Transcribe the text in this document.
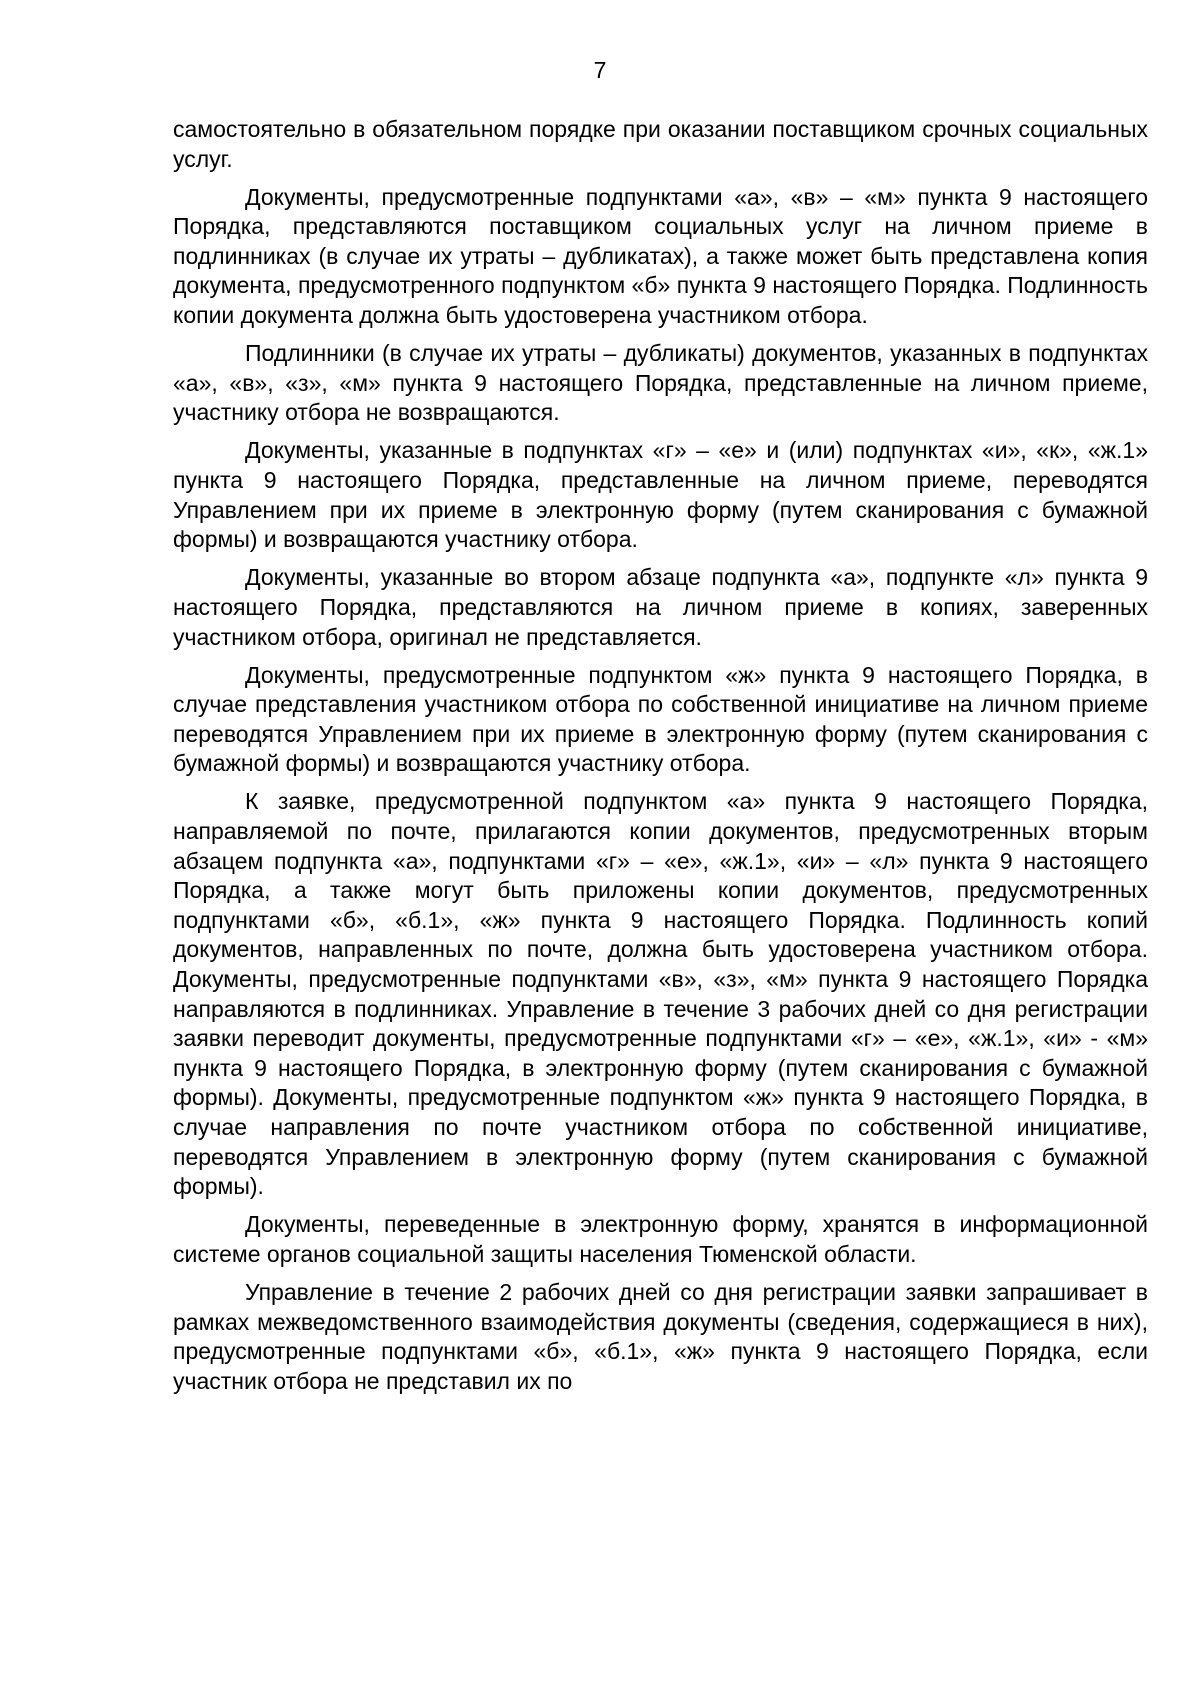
7

самостоятельно в обязательном порядке при оказании поставщиком срочных социальных услуг.

Документы, предусмотренные подпунктами «а», «в» – «м» пункта 9 настоящего Порядка, представляются поставщиком социальных услуг на личном приеме в подлинниках (в случае их утраты – дубликатах), а также может быть представлена копия документа, предусмотренного подпунктом «б» пункта 9 настоящего Порядка. Подлинность копии документа должна быть удостоверена участником отбора.

Подлинники (в случае их утраты – дубликаты) документов, указанных в подпунктах «а», «в», «з», «м» пункта 9 настоящего Порядка, представленные на личном приеме, участнику отбора не возвращаются.

Документы, указанные в подпунктах «г» – «е» и (или) подпунктах «и», «к», «ж.1» пункта 9 настоящего Порядка, представленные на личном приеме, переводятся Управлением при их приеме в электронную форму (путем сканирования с бумажной формы) и возвращаются участнику отбора.

Документы, указанные во втором абзаце подпункта «а», подпункте «л» пункта 9 настоящего Порядка, представляются на личном приеме в копиях, заверенных участником отбора, оригинал не представляется.

Документы, предусмотренные подпунктом «ж» пункта 9 настоящего Порядка, в случае представления участником отбора по собственной инициативе на личном приеме переводятся Управлением при их приеме в электронную форму (путем сканирования с бумажной формы) и возвращаются участнику отбора.

К заявке, предусмотренной подпунктом «а» пункта 9 настоящего Порядка, направляемой по почте, прилагаются копии документов, предусмотренных вторым абзацем подпункта «а», подпунктами «г» – «е», «ж.1», «и» – «л» пункта 9 настоящего Порядка, а также могут быть приложены копии документов, предусмотренных подпунктами «б», «б.1», «ж» пункта 9 настоящего Порядка. Подлинность копий документов, направленных по почте, должна быть удостоверена участником отбора. Документы, предусмотренные подпунктами «в», «з», «м» пункта 9 настоящего Порядка направляются в подлинниках. Управление в течение 3 рабочих дней со дня регистрации заявки переводит документы, предусмотренные подпунктами «г» – «е», «ж.1», «и» - «м» пункта 9 настоящего Порядка, в электронную форму (путем сканирования с бумажной формы). Документы, предусмотренные подпунктом «ж» пункта 9 настоящего Порядка, в случае направления по почте участником отбора по собственной инициативе, переводятся Управлением в электронную форму (путем сканирования с бумажной формы).

Документы, переведенные в электронную форму, хранятся в информационной системе органов социальной защиты населения Тюменской области.

Управление в течение 2 рабочих дней со дня регистрации заявки запрашивает в рамках межведомственного взаимодействия документы (сведения, содержащиеся в них), предусмотренные подпунктами «б», «б.1», «ж» пункта 9 настоящего Порядка, если участник отбора не представил их по
